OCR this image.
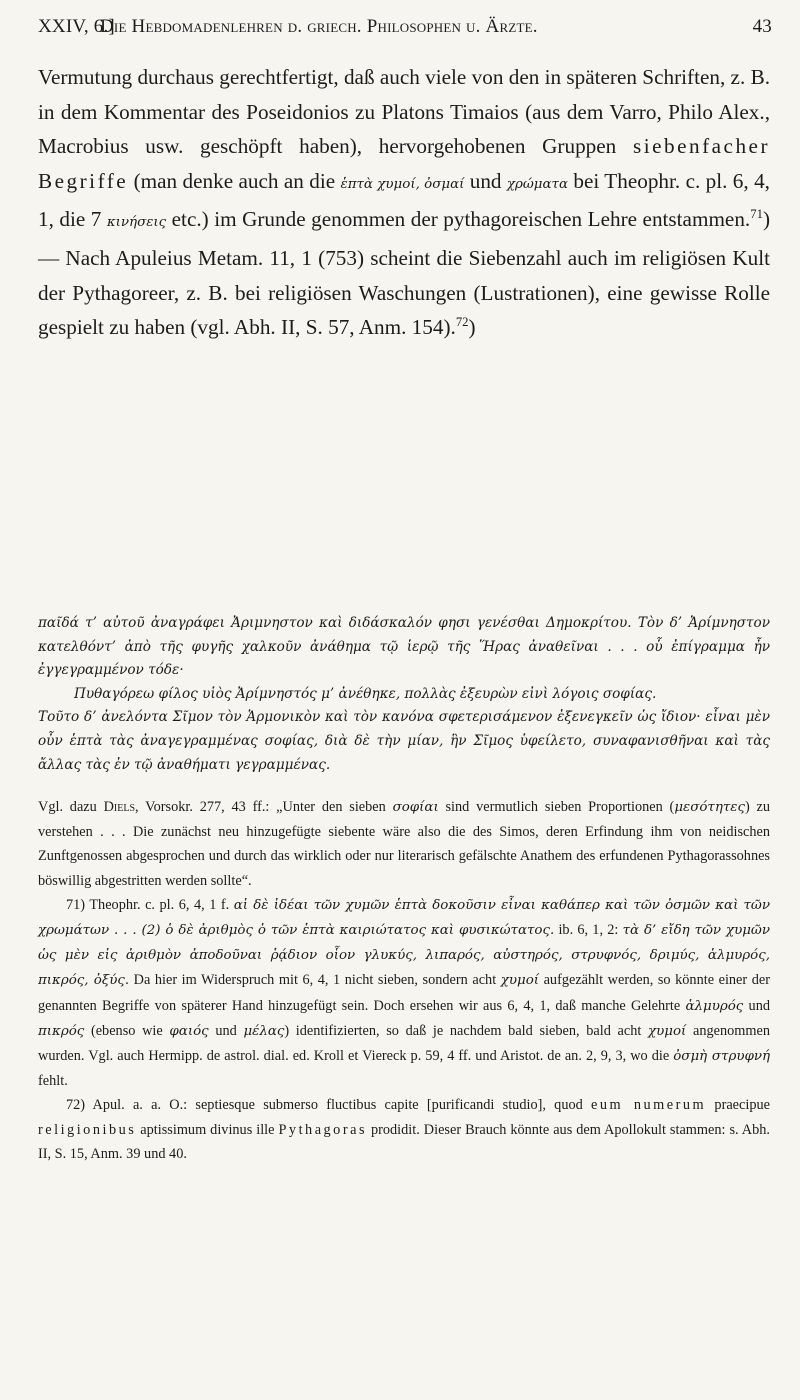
XXIV, 6.]
Die Hebdomadenlehren d. griech. Philosophen u. Ärzte.	43

Vermutung durchaus gerechtfertigt, daß auch viele von den in späteren Schriften, z. B. in dem Kommentar des Poseidonios zu Platons Timaios (aus dem Varro, Philo Alex., Macrobius usw. geschöpft haben), hervorgehobenen Gruppen siebenfacher Begriffe (man denke auch an die ἑπτὰ χυμοί, ὀσμαί und χρώματα bei Theophr. c. pl. 6, 4, 1, die 7 κινήσεις etc.) im Grunde genommen der pythagoreischen Lehre entstammen.$^{71}$) — Nach Apuleius Metam. 11, 1 (753) scheint die Siebenzahl auch im religiösen Kult der Pythagoreer, z. B. bei religiösen Waschungen (Lustrationen), eine gewisse Rolle gespielt zu haben (vgl. Abh. II, S. 57, Anm. 154).$^{72}$)

παῖδά τ’ αὐτοῦ ἀναγράφει Ἀριμνηστον καὶ διδάσκαλόν φησι γενέσθαι Δημοκρίτου. Τὸν δ’ Ἀρίμνηστον κατελθόντ’ ἀπὸ τῆς φυγῆς χαλκοῦν ἀνάθημα τῷ ἱερῷ τῆς Ἥρας ἀναθεῖναι . . . οὗ ἐπίγραμμα ἦν ἐγγεγραμμένον τόδε·

Πυθαγόρεω φίλος υἱὸς Ἀρίμνηστός μ’ ἀνέθηκε, πολλὰς ἐξευρὼν εἰνὶ λόγοις σοφίας.

Τοῦτο δ’ ἀνελόντα Σῖμον τὸν Ἁρμονικὸν καὶ τὸν κανόνα σφετερισάμενον ἐξενεγκεῖν ὡς ἴδιον· εἶναι μὲν οὖν ἑπτὰ τὰς ἀναγεγραμμένας σοφίας, διὰ δὲ τὴν μίαν, ἣν Σῖμος ὑφείλετο, συναφανισθῆναι καὶ τὰς ἄλλας τὰς ἐν τῷ ἀναθήματι γεγραμμένας.

Vgl. dazu Diels, Vorsokr. 277, 43 ff.: „Unter den sieben σοφίαι sind vermutlich sieben Proportionen (μεσότητες) zu verstehen . . . Die zunächst neu hinzugefügte siebente wäre also die des Simos, deren Erfindung ihm von neidischen Zunftgenossen abgesprochen und durch das wirklich oder nur literarisch gefälschte Anathem des erfundenen Pythagorassohnes böswillig abgestritten werden sollte“.

71) Theophr. c. pl. 6, 4, 1 f. αἱ δὲ ἰδέαι τῶν χυμῶν ἑπτὰ δοκοῦσιν εἶναι καθάπερ καὶ τῶν ὀσμῶν καὶ τῶν χρωμάτων . . . (2) ὁ δὲ ἀριθμὸς ὁ τῶν ἑπτὰ καιριώτατος καὶ φυσικώτατος. ib. 6, 1, 2: τὰ δ’ εἴδη τῶν χυμῶν ὡς μὲν εἰς ἀριθμὸν ἀποδοῦναι ῥᾴδιον οἷον γλυκύς, λιπαρός, αὐστηρός, στρυφνός, δριμύς, ἁλμυρός, πικρός, ὀξύς. Da hier im Widerspruch mit 6, 4, 1 nicht sieben, sondern acht χυμοί aufgezählt werden, so könnte einer der genannten Begriffe von späterer Hand hinzugefügt sein. Doch ersehen wir aus 6, 4, 1, daß manche Gelehrte ἁλμυρός und πικρός (ebenso wie φαιός und μέλας) identifizierten, so daß je nachdem bald sieben, bald acht χυμοί angenommen wurden. Vgl. auch Hermipp. de astrol. dial. ed. Kroll et Viereck p. 59, 4 ff. und Aristot. de an. 2, 9, 3, wo die ὀσμὴ στρυφνή fehlt.

72) Apul. a. a. O.: septiesque submerso fluctibus capite [purificandi studio], quod eum numerum praecipue religionibus aptissimum divinus ille Pythagoras prodidit. Dieser Brauch könnte aus dem Apollokult stammen: s. Abh. II, S. 15, Anm. 39 und 40.
